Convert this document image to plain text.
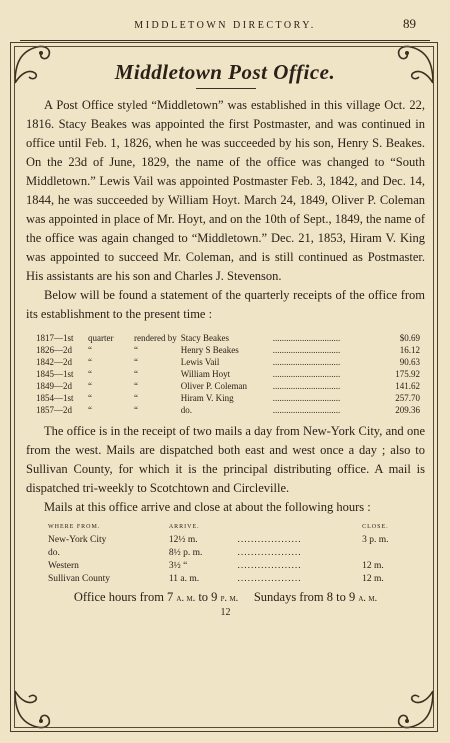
MIDDLETOWN DIRECTORY.	89
Middletown Post Office.

A Post Office styled “Middletown” was established in this village Oct. 22, 1816. Stacy Beakes was appointed the first Postmaster, and was continued in office until Feb. 1, 1826, when he was succeeded by his son, Henry S. Beakes. On the 23d of June, 1829, the name of the office was changed to “South Middletown.” Lewis Vail was appointed Postmaster Feb. 3, 1842, and Dec. 14, 1844, he was succeeded by William Hoyt. March 24, 1849, Oliver P. Coleman was appointed in place of Mr. Hoyt, and on the 10th of Sept., 1849, the name of the office was again changed to “Middletown.” Dec. 21, 1853, Hiram V. King was appointed to succeed Mr. Coleman, and is still continued as Postmaster. His assistants are his son and Charles J. Stevenson.

Below will be found a statement of the quarterly receipts of the office from its establishment to the present time :

1817—1st	quarter	rendered by	Stacy Beakes	..............................	$0.69
1826—2d	“	“	Henry S Beakes	..............................	16.12
1842—2d	“	“	Lewis Vail	..............................	90.63
1845—1st	“	“	William Hoyt	..............................	175.92
1849—2d	“	“	Oliver P. Coleman	..............................	141.62
1854—1st	“	“	Hiram V. King	..............................	257.70
1857—2d	“	“	do.	..............................	209.36

The office is in the receipt of two mails a day from New-York City, and one from the west. Mails are dispatched both east and west once a day ; also to Sullivan County, for which it is the principal distributing office. A mail is dispatched tri-weekly to Scotchtown and Circleville.

Mails at this office arrive and close at about the following hours :

WHERE FROM.	ARRIVE.		CLOSE.
New-York City	12½ m.	...................	3 p. m.
do.	8½ p. m.	...................	
Western	3½ “	...................	12 m.
Sullivan County	11 a. m.	...................	12 m.
Office hours from 7 a. m. to 9 p. m. Sundays from 8 to 9 a. m.
12
